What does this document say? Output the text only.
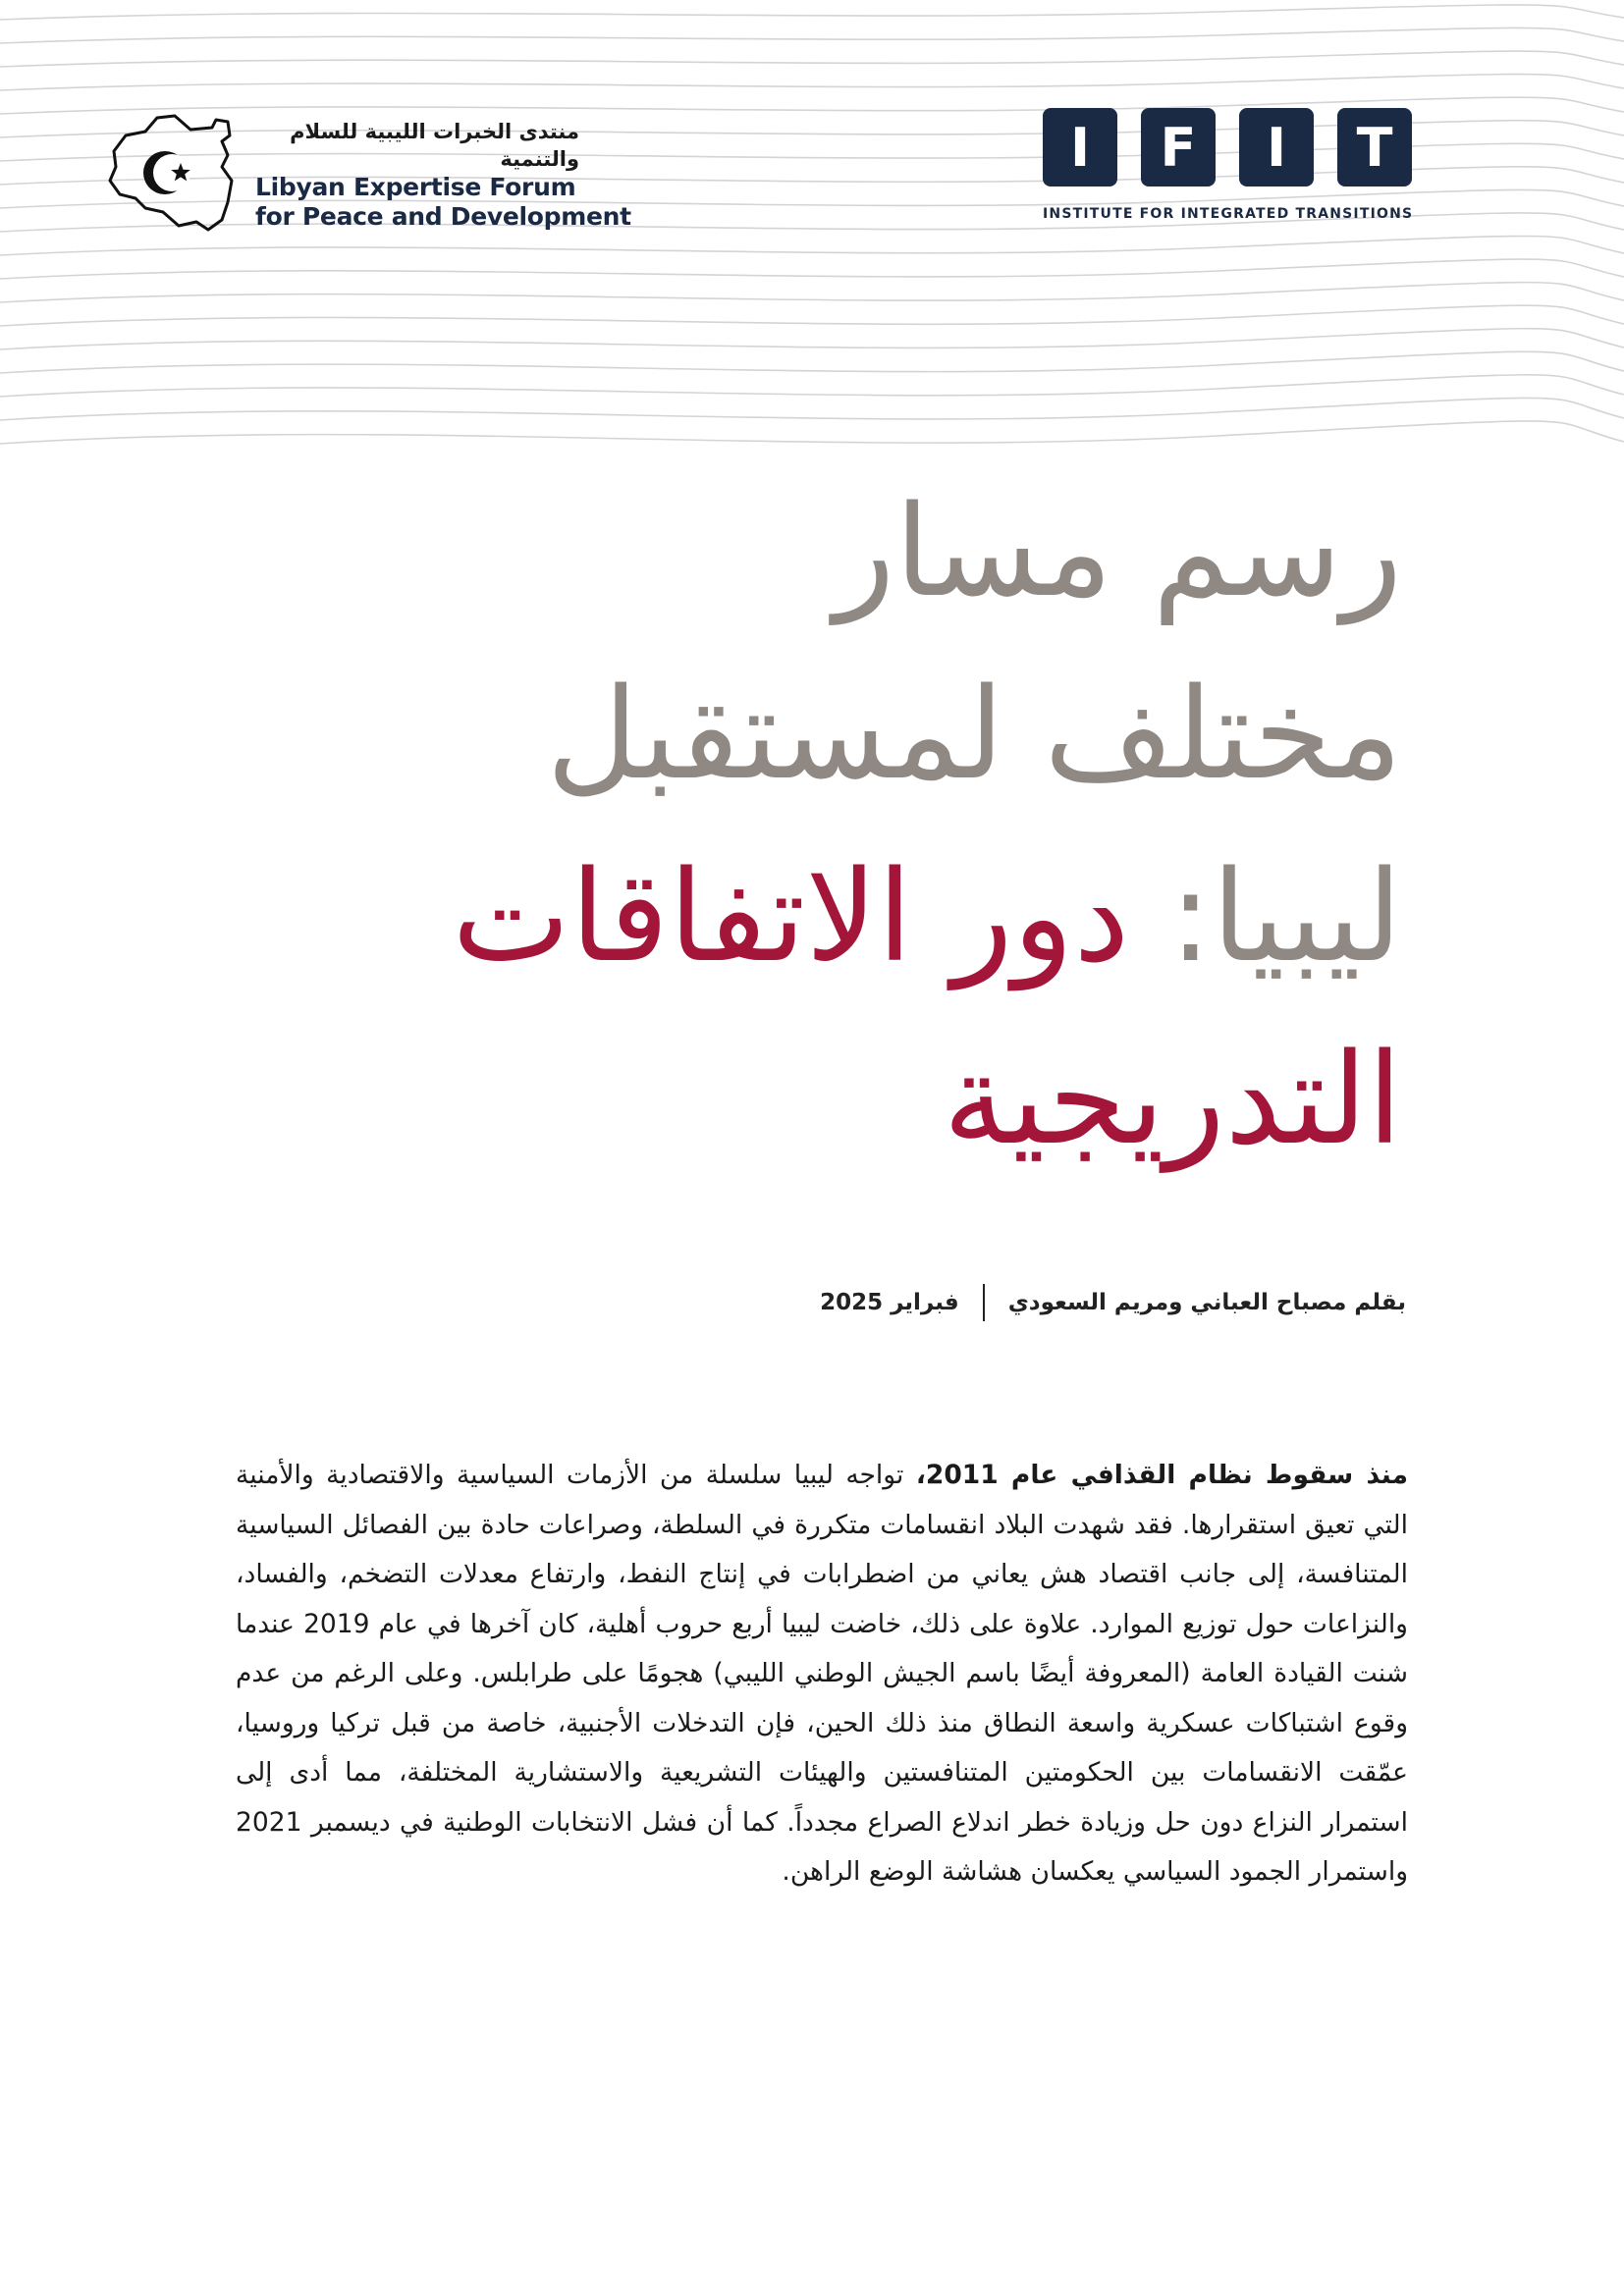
منتدى الخبرات الليبية للسلام والتنمية
Libyan Expertise Forum
for Peace and Development
I	F	I	T
INSTITUTE FOR INTEGRATED TRANSITIONS
رسم مسار
مختلف لمستقبل
ليبيا: دور الاتفاقات
التدريجية
بقلم مصباح العباني ومريم السعودي
فبراير 2025

منذ سقوط نظام القذافي عام 2011، تواجه ليبيا سلسلة من الأزمات السياسية والاقتصادية والأمنية التي تعيق استقرارها. فقد شهدت البلاد انقسامات متكررة في السلطة، وصراعات حادة بين الفصائل السياسية المتنافسة، إلى جانب اقتصاد هش يعاني من اضطرابات في إنتاج النفط، وارتفاع معدلات التضخم، والفساد، والنزاعات حول توزيع الموارد. علاوة على ذلك، خاضت ليبيا أربع حروب أهلية، كان آخرها في عام 2019 عندما شنت القيادة العامة (المعروفة أيضًا باسم الجيش الوطني الليبي) هجومًا على طرابلس. وعلى الرغم من عدم وقوع اشتباكات عسكرية واسعة النطاق منذ ذلك الحين، فإن التدخلات الأجنبية، خاصة من قبل تركيا وروسيا، عمّقت الانقسامات بين الحكومتين المتنافستين والهيئات التشريعية والاستشارية المختلفة، مما أدى إلى استمرار النزاع دون حل وزيادة خطر اندلاع الصراع مجدداً. كما أن فشل الانتخابات الوطنية في ديسمبر 2021 واستمرار الجمود السياسي يعكسان هشاشة الوضع الراهن.
